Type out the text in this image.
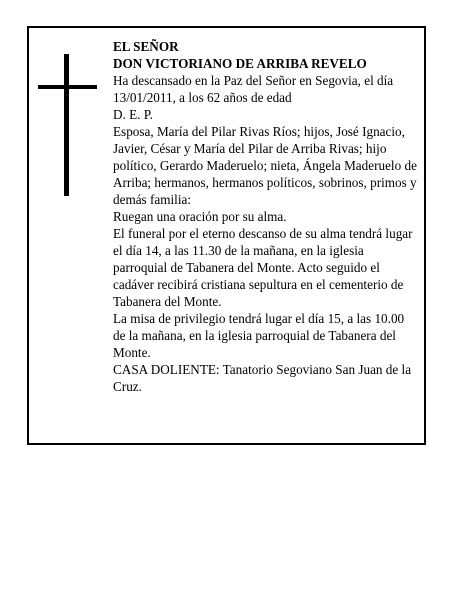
EL SEÑOR

DON VICTORIANO DE ARRIBA REVELO

Ha descansado en la Paz del Señor en Segovia, el día 13/01/2011, a los 62 años de edad

D. E. P.

Esposa, María del Pilar Rivas Ríos; hijos, José Ignacio, Javier, César y María del Pilar de Arriba Rivas; hijo político, Gerardo Maderuelo; nieta, Ángela Maderuelo de Arriba; hermanos, hermanos políticos, sobrinos, primos y demás familia:

Ruegan una oración por su alma.

El funeral por el eterno descanso de su alma tendrá lugar el día 14, a las 11.30 de la mañana, en la iglesia parroquial de Tabanera del Monte. Acto seguido el cadáver recibirá cristiana sepultura en el cementerio de Tabanera del Monte.

La misa de privilegio tendrá lugar el día 15, a las 10.00 de la mañana, en la iglesia parroquial de Tabanera del Monte.

CASA DOLIENTE: Tanatorio Segoviano San Juan de la Cruz.
